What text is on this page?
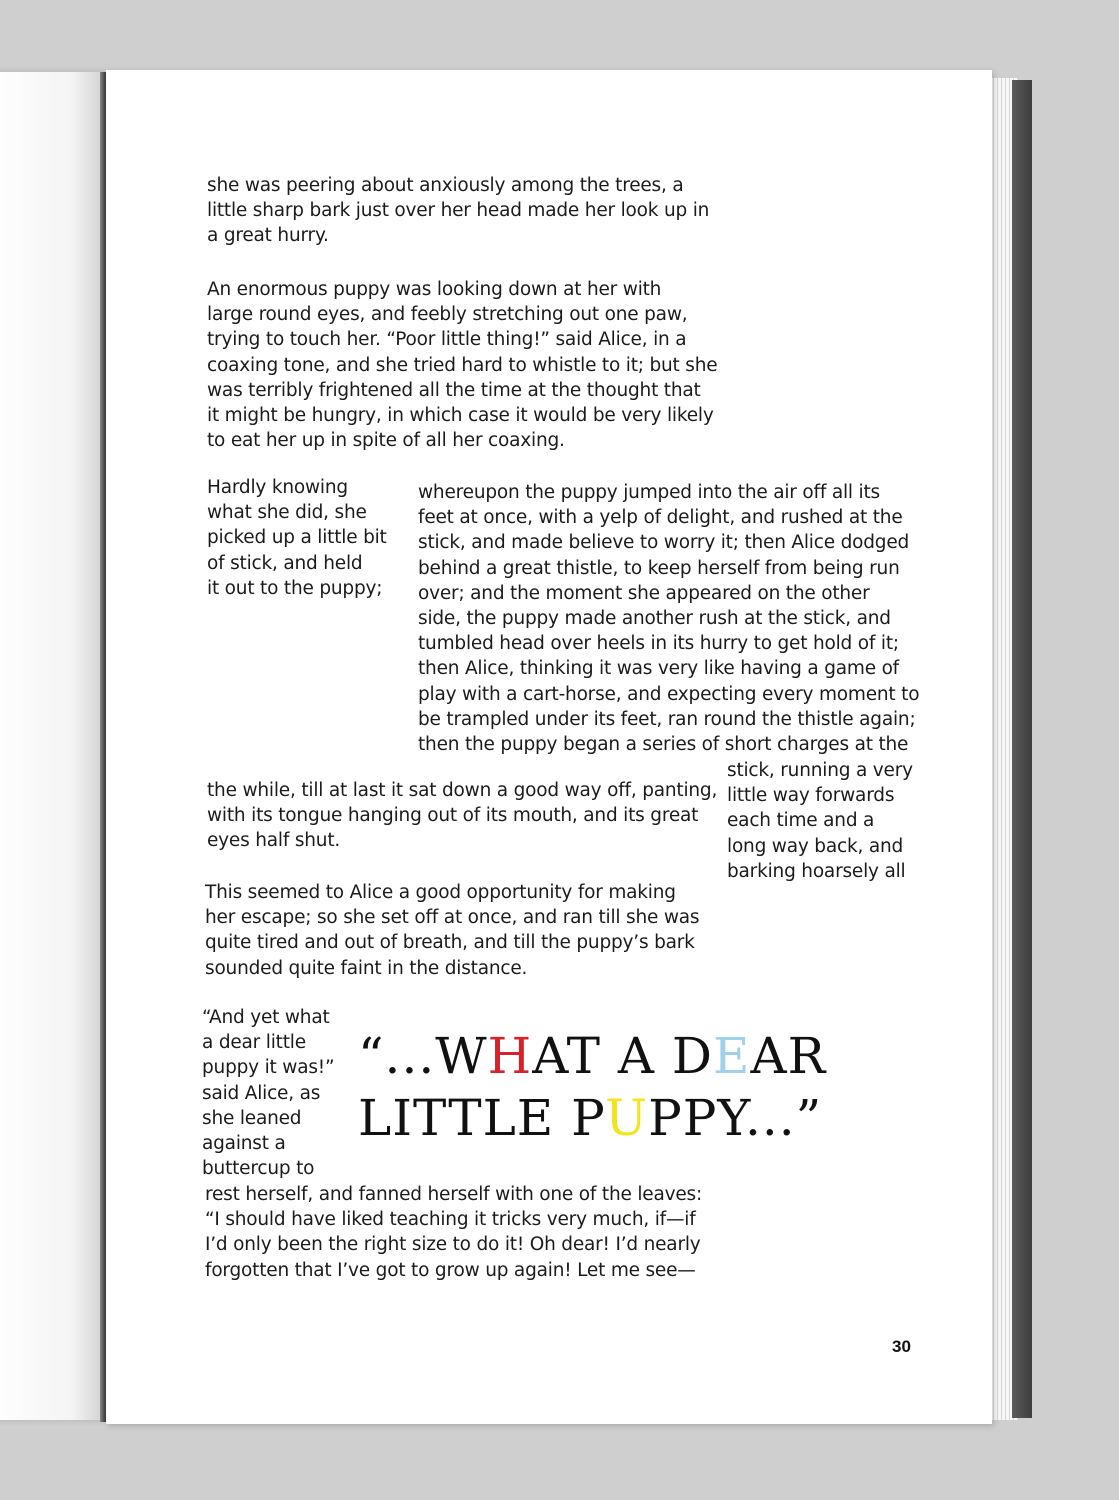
she was peering about anxiously among the trees, a
little sharp bark just over her head made her look up in
a great hurry.
An enormous puppy was looking down at her with
large round eyes, and feebly stretching out one paw,
trying to touch her. “Poor little thing!” said Alice, in a
coaxing tone, and she tried hard to whistle to it; but she
was terribly frightened all the time at the thought that
it might be hungry, in which case it would be very likely
to eat her up in spite of all her coaxing.
Hardly knowing
what she did, she
picked up a little bit
of stick, and held
it out to the puppy;
whereupon the puppy jumped into the air off all its
feet at once, with a yelp of delight, and rushed at the
stick, and made believe to worry it; then Alice dodged
behind a great thistle, to keep herself from being run
over; and the moment she appeared on the other
side, the puppy made another rush at the stick, and
tumbled head over heels in its hurry to get hold of it;
then Alice, thinking it was very like having a game of
play with a cart-horse, and expecting every moment to
be trampled under its feet, ran round the thistle again;
then the puppy began a series of short charges at the
stick, running a very
little way forwards
each time and a
long way back, and
barking hoarsely all
the while, till at last it sat down a good way off, panting,
with its tongue hanging out of its mouth, and its great
eyes half shut.
This seemed to Alice a good opportunity for making
her escape; so she set off at once, and ran till she was
quite tired and out of breath, and till the puppy’s bark
sounded quite faint in the distance.
“And yet what
a dear little
puppy it was!”
said Alice, as
she leaned
against a
buttercup to
rest herself, and fanned herself with one of the leaves:
“I should have liked teaching it tricks very much, if—if
I’d only been the right size to do it! Oh dear! I’d nearly
forgotten that I’ve got to grow up again! Let me see—
“...WHAT A DEAR
LITTLE PUPPY...”
30
